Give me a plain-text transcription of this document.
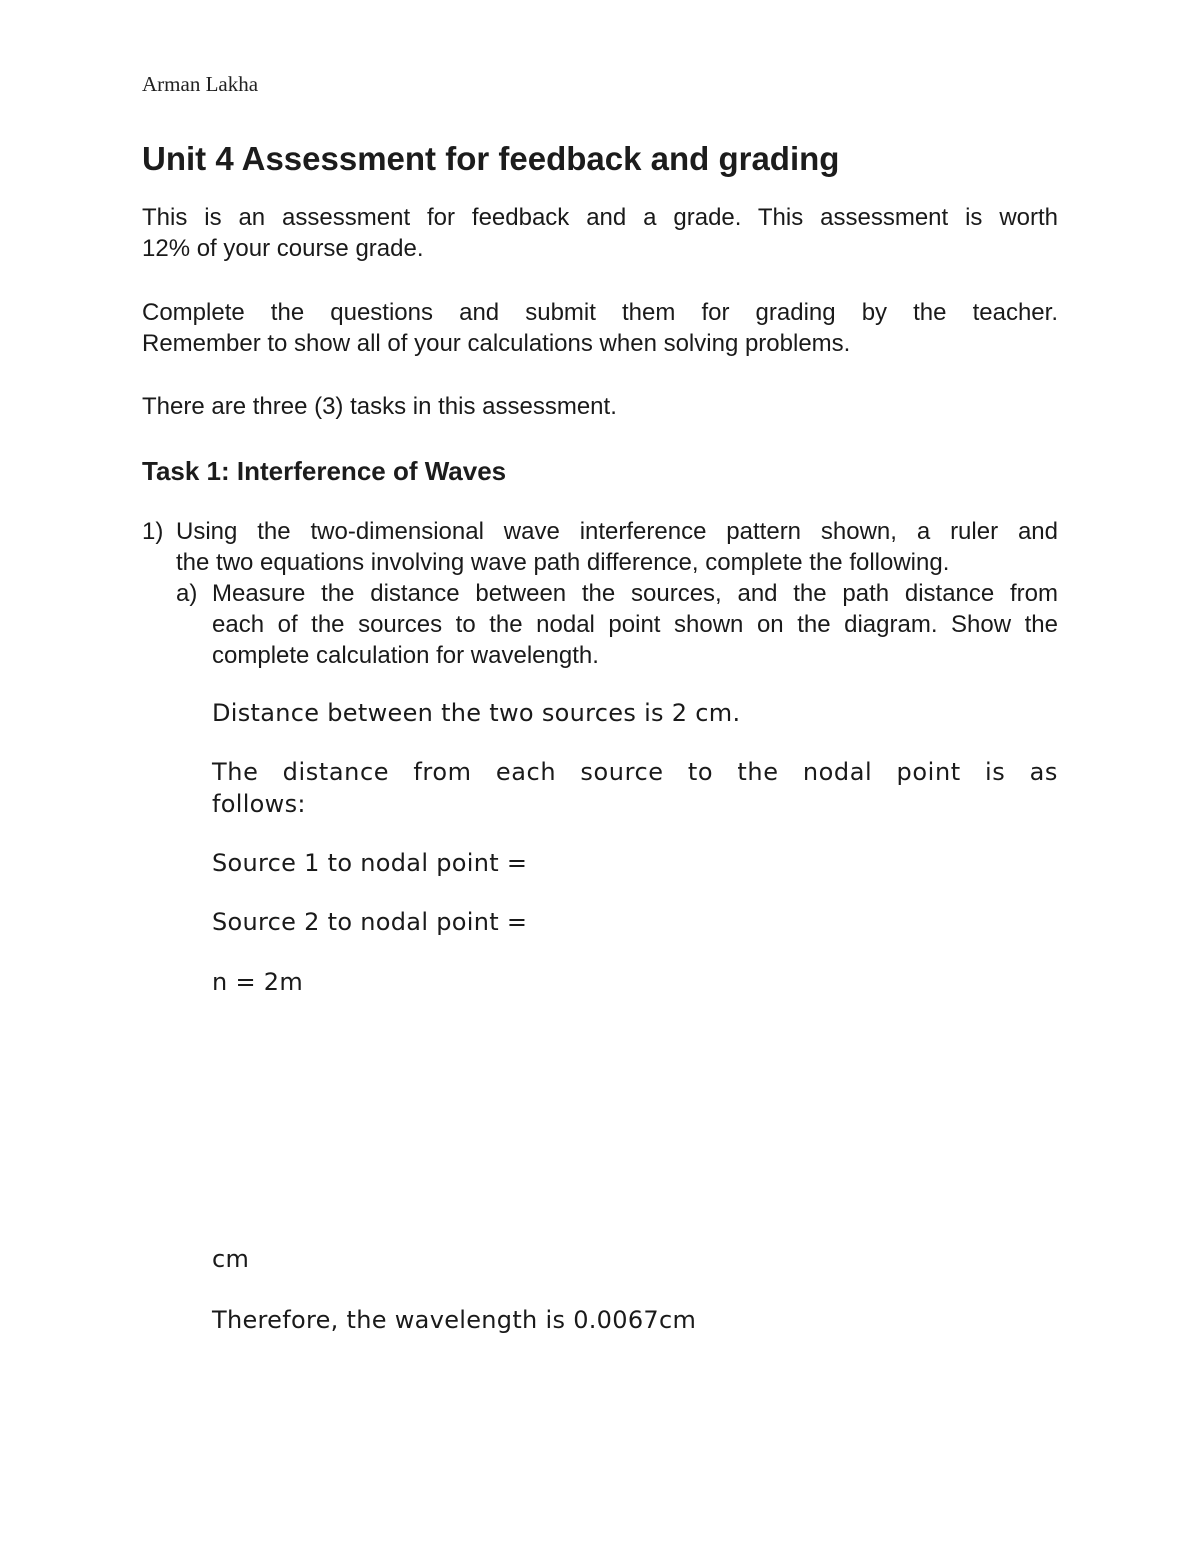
Arman Lakha
Unit 4 Assessment for feedback and grading
This is an assessment for feedback and a grade. This assessment is worth
12% of your course grade.
Complete the questions and submit them for grading by the teacher.
Remember to show all of your calculations when solving problems.
There are three (3) tasks in this assessment.
Task 1: Interference of Waves
1) Using the two-dimensional wave interference pattern shown, a ruler and
the two equations involving wave path difference, complete the following.
a) Measure the distance between the sources, and the path distance from
each of the sources to the nodal point shown on the diagram. Show the
complete calculation for wavelength.
Distance between the two sources is 2 cm.
The distance from each source to the nodal point is as
follows:
Source 1 to nodal point =
Source 2 to nodal point =
n = 2m
cm
Therefore, the wavelength is 0.0067cm
